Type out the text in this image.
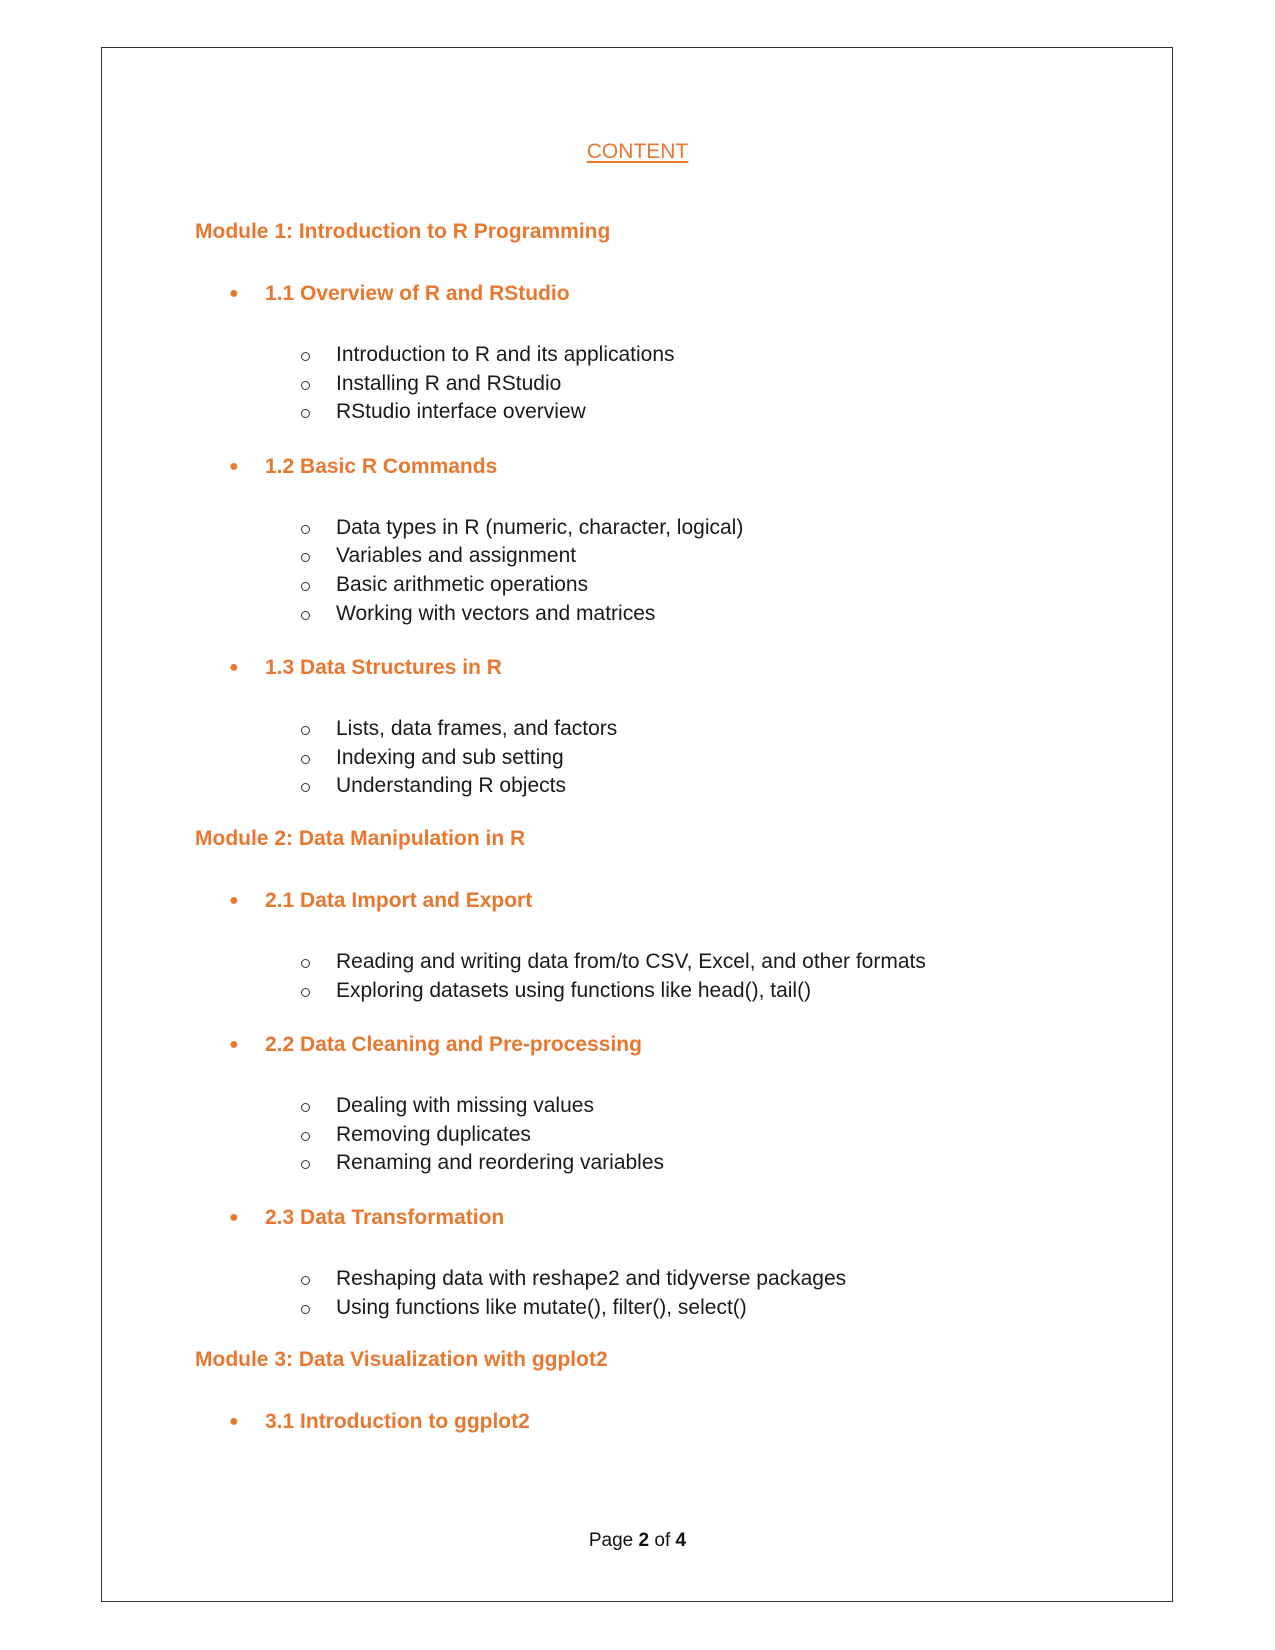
CONTENT
Module 1: Introduction to R Programming
● 1.1 Overview of R and RStudio
Introduction to R and its applications
Installing R and RStudio
RStudio interface overview
● 1.2 Basic R Commands
Data types in R (numeric, character, logical)
Variables and assignment
Basic arithmetic operations
Working with vectors and matrices
● 1.3 Data Structures in R
Lists, data frames, and factors
Indexing and sub setting
Understanding R objects
Module 2: Data Manipulation in R
● 2.1 Data Import and Export
Reading and writing data from/to CSV, Excel, and other formats
Exploring datasets using functions like head(), tail()
● 2.2 Data Cleaning and Pre-processing
Dealing with missing values
Removing duplicates
Renaming and reordering variables
● 2.3 Data Transformation
Reshaping data with reshape2 and tidyverse packages
Using functions like mutate(), filter(), select()
Module 3: Data Visualization with ggplot2
● 3.1 Introduction to ggplot2
Page 2 of 4
